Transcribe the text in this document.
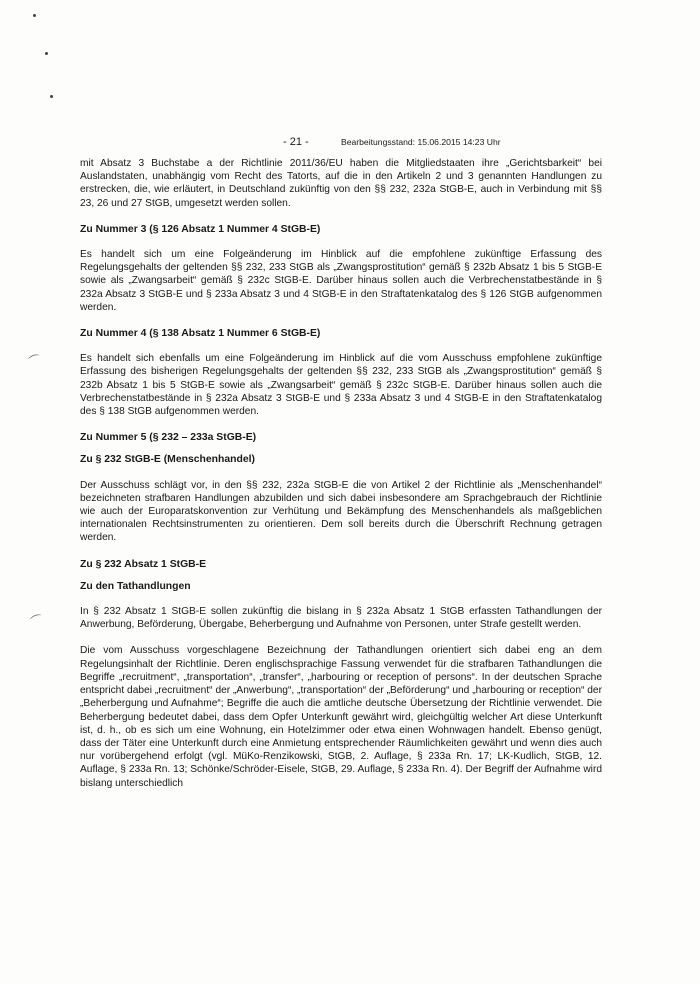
⌒
⌒
- 21 -	Bearbeitungsstand: 15.06.2015 14:23 Uhr

mit Absatz 3 Buchstabe a der Richtlinie 2011/36/EU haben die Mitgliedstaaten ihre „Gerichtsbarkeit“ bei Auslandstaten, unabhängig vom Recht des Tatorts, auf die in den Artikeln 2 und 3 genannten Handlungen zu erstrecken, die, wie erläutert, in Deutschland zukünftig von den §§ 232, 232a StGB-E, auch in Verbindung mit §§ 23, 26 und 27 StGB, umgesetzt werden sollen.

Zu Nummer 3 (§ 126 Absatz 1 Nummer 4 StGB-E)

Es handelt sich um eine Folgeänderung im Hinblick auf die empfohlene zukünftige Erfassung des Regelungsgehalts der geltenden §§ 232, 233 StGB als „Zwangsprostitution“ gemäß § 232b Absatz 1 bis 5 StGB-E sowie als „Zwangsarbeit“ gemäß § 232c StGB-E. Darüber hinaus sollen auch die Verbrechenstatbestände in § 232a Absatz 3 StGB-E und § 233a Absatz 3 und 4 StGB-E in den Straftatenkatalog des § 126 StGB aufgenommen werden.

Zu Nummer 4 (§ 138 Absatz 1 Nummer 6 StGB-E)

Es handelt sich ebenfalls um eine Folgeänderung im Hinblick auf die vom Ausschuss empfohlene zukünftige Erfassung des bisherigen Regelungsgehalts der geltenden §§ 232, 233 StGB als „Zwangsprostitution“ gemäß § 232b Absatz 1 bis 5 StGB-E sowie als „Zwangsarbeit“ gemäß § 232c StGB-E. Darüber hinaus sollen auch die Verbrechenstatbestände in § 232a Absatz 3 StGB-E und § 233a Absatz 3 und 4 StGB-E in den Straftatenkatalog des § 138 StGB aufgenommen werden.

Zu Nummer 5 (§ 232 – 233a StGB-E)
Zu § 232 StGB-E (Menschenhandel)

Der Ausschuss schlägt vor, in den §§ 232, 232a StGB-E die von Artikel 2 der Richtlinie als „Menschenhandel“ bezeichneten strafbaren Handlungen abzubilden und sich dabei insbesondere am Sprachgebrauch der Richtlinie wie auch der Europaratskonvention zur Verhütung und Bekämpfung des Menschenhandels als maßgeblichen internationalen Rechtsinstrumenten zu orientieren. Dem soll bereits durch die Überschrift Rechnung getragen werden.

Zu § 232 Absatz 1 StGB-E
Zu den Tathandlungen

In § 232 Absatz 1 StGB-E sollen zukünftig die bislang in § 232a Absatz 1 StGB erfassten Tathandlungen der Anwerbung, Beförderung, Übergabe, Beherbergung und Aufnahme von Personen, unter Strafe gestellt werden.

Die vom Ausschuss vorgeschlagene Bezeichnung der Tathandlungen orientiert sich dabei eng an dem Regelungsinhalt der Richtlinie. Deren englischsprachige Fassung verwendet für die strafbaren Tathandlungen die Begriffe „recruitment“, „transportation“, „transfer“, „harbouring or reception of persons“. In der deutschen Sprache entspricht dabei „recruitment“ der „Anwerbung“, „transportation“ der „Beförderung“ und „harbouring or reception“ der „Beherbergung und Aufnahme“; Begriffe die auch die amtliche deutsche Übersetzung der Richtlinie verwendet. Die Beherbergung bedeutet dabei, dass dem Opfer Unterkunft gewährt wird, gleichgültig welcher Art diese Unterkunft ist, d. h., ob es sich um eine Wohnung, ein Hotelzimmer oder etwa einen Wohnwagen handelt. Ebenso genügt, dass der Täter eine Unterkunft durch eine Anmietung entsprechender Räumlichkeiten gewährt und wenn dies auch nur vorübergehend erfolgt (vgl. MüKo-Renzikowski, StGB, 2. Auflage, § 233a Rn. 17; LK-Kudlich, StGB, 12. Auflage, § 233a Rn. 13; Schönke/Schröder-Eisele, StGB, 29. Auflage, § 233a Rn. 4). Der Begriff der Aufnahme wird bislang unterschiedlich
